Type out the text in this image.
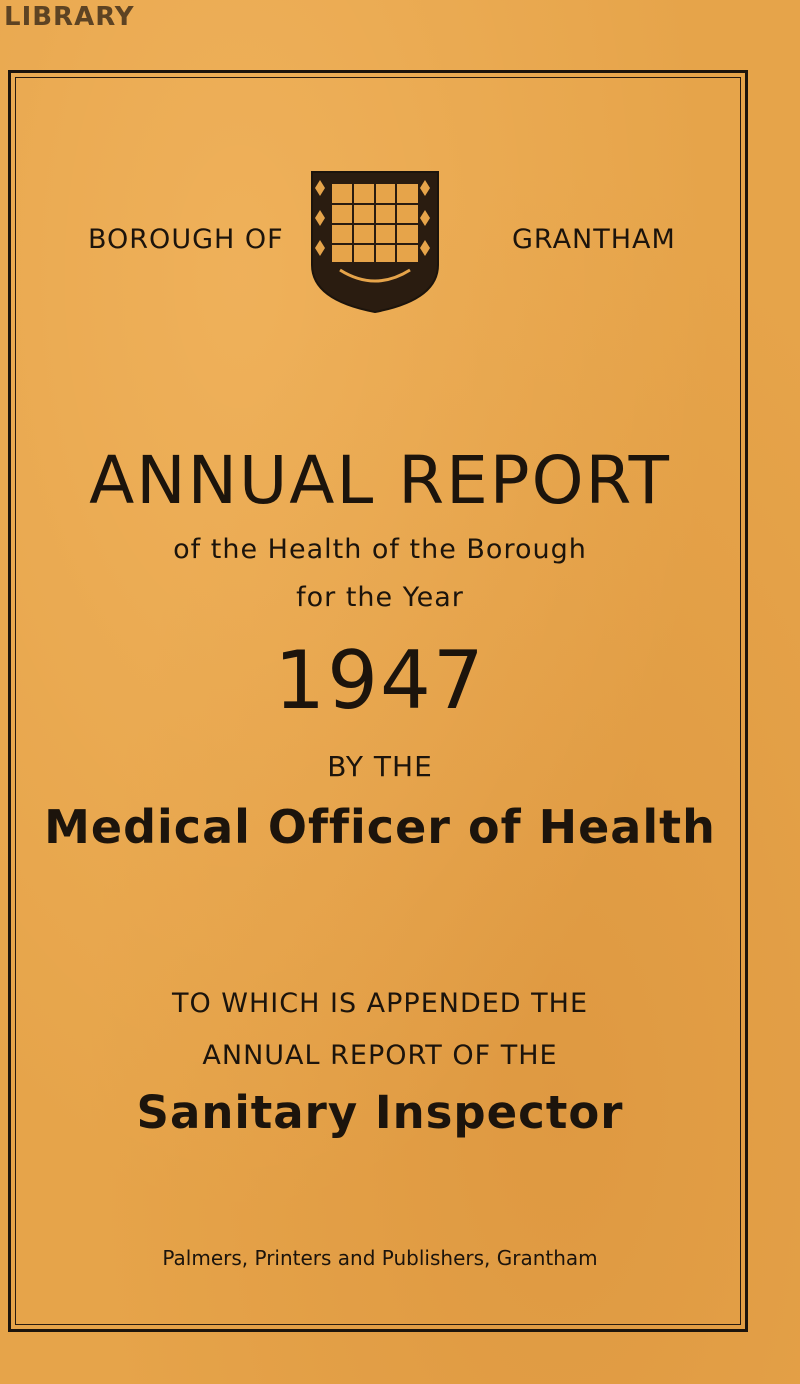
LIBRARY
BOROUGH OF	GRANTHAM
ANNUAL REPORT
of the Health of the Borough
for the Year
1947
BY THE
Medical Officer of Health
TO WHICH IS APPENDED THE
ANNUAL REPORT OF THE
Sanitary Inspector
Palmers, Printers and Publishers, Grantham
